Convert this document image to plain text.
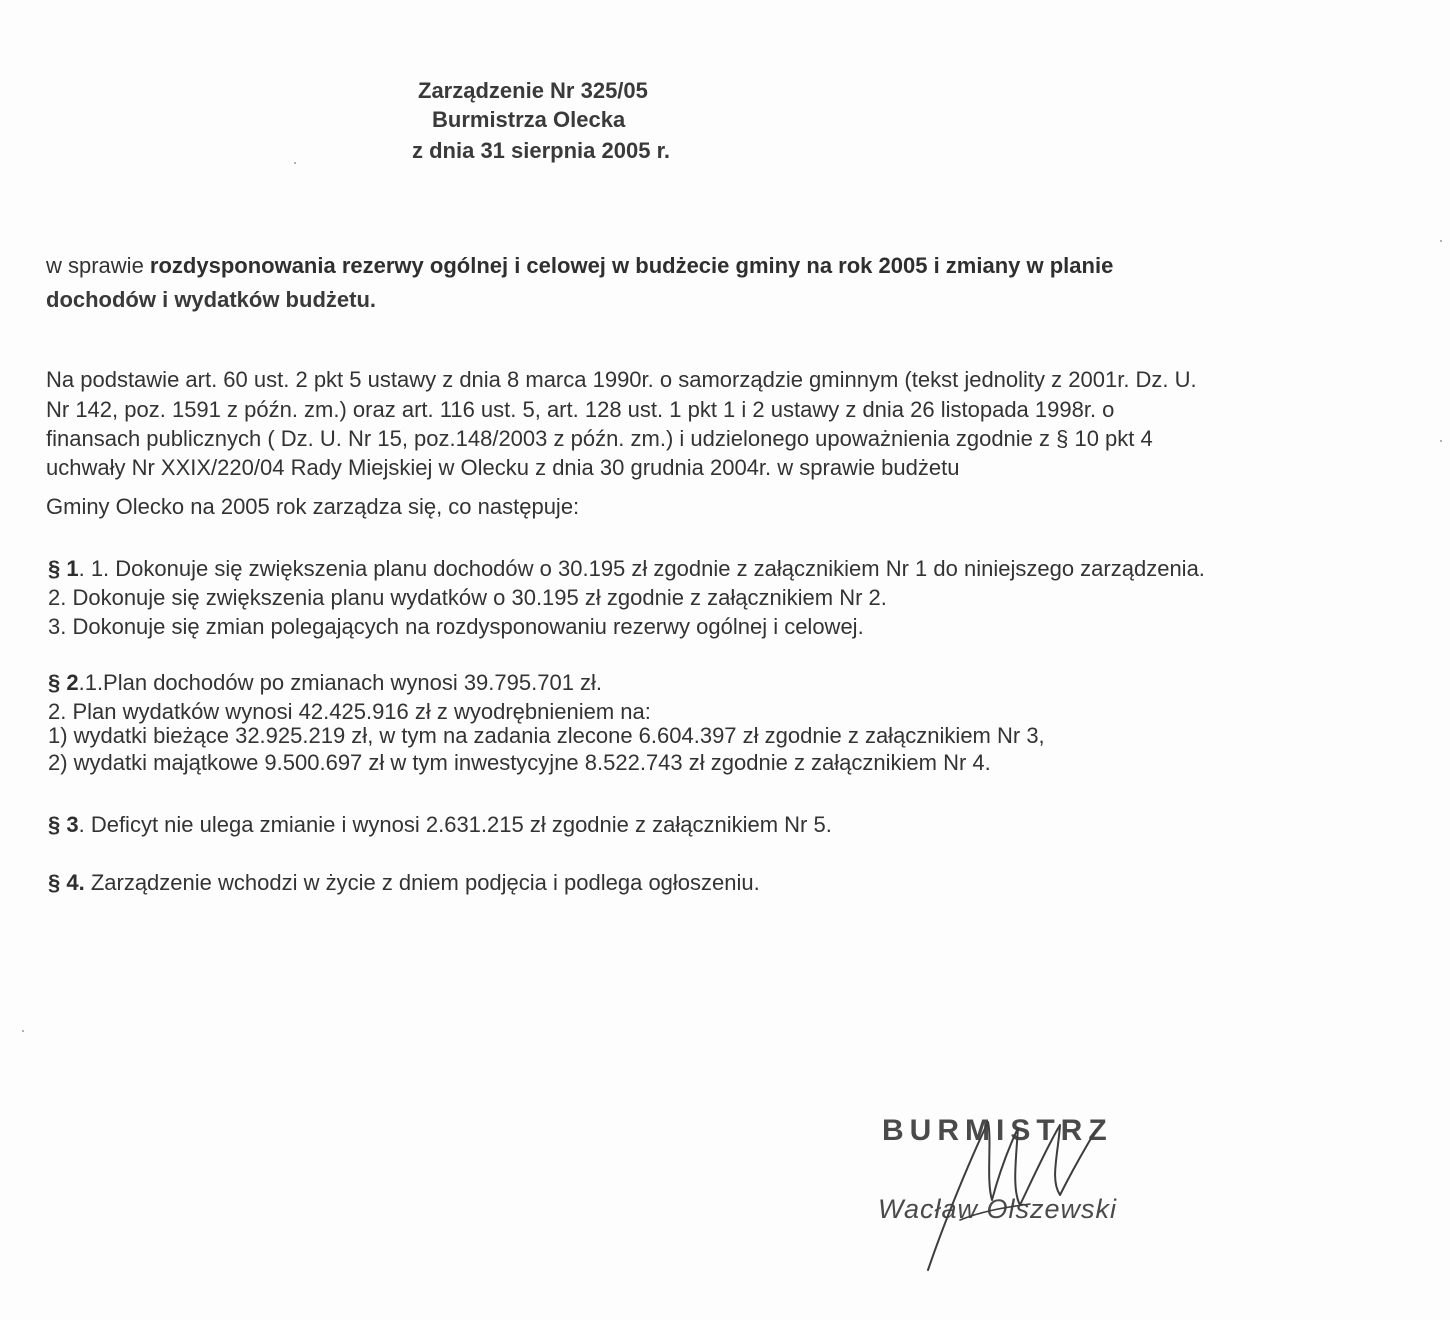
Zarządzenie Nr 325/05
Burmistrza Olecka
z dnia 31 sierpnia 2005 r.
w sprawie rozdysponowania rezerwy ogólnej i celowej w budżecie gminy na rok 2005 i zmiany w planie
dochodów i wydatków budżetu.
Na podstawie art. 60 ust. 2 pkt 5 ustawy z dnia 8 marca 1990r. o samorządzie gminnym (tekst jednolity z 2001r. Dz. U.
Nr 142, poz. 1591 z późn. zm.) oraz art. 116 ust. 5, art. 128 ust. 1 pkt 1 i 2 ustawy z dnia 26 listopada 1998r. o
finansach publicznych ( Dz. U. Nr 15, poz.148/2003 z późn. zm.) i udzielonego upoważnienia zgodnie z § 10 pkt 4
uchwały Nr XXIX/220/04 Rady Miejskiej w Olecku z dnia 30 grudnia 2004r. w sprawie budżetu
Gminy Olecko na 2005 rok zarządza się, co następuje:
§ 1. 1. Dokonuje się zwiększenia planu dochodów o 30.195 zł zgodnie z załącznikiem Nr 1 do niniejszego zarządzenia.
2. Dokonuje się zwiększenia planu wydatków o 30.195 zł zgodnie z załącznikiem Nr 2.
3. Dokonuje się zmian polegających na rozdysponowaniu rezerwy ogólnej i celowej.
§ 2.1.Plan dochodów po zmianach wynosi 39.795.701 zł.
2. Plan wydatków wynosi 42.425.916 zł z wyodrębnieniem na:
1) wydatki bieżące 32.925.219 zł, w tym na zadania zlecone 6.604.397 zł zgodnie z załącznikiem Nr 3,
2) wydatki majątkowe 9.500.697 zł w tym inwestycyjne 8.522.743 zł zgodnie z załącznikiem Nr 4.
§ 3. Deficyt nie ulega zmianie i wynosi 2.631.215 zł zgodnie z załącznikiem Nr 5.
§ 4. Zarządzenie wchodzi w życie z dniem podjęcia i podlega ogłoszeniu.
BURMISTRZ
Wacław Olszewski
